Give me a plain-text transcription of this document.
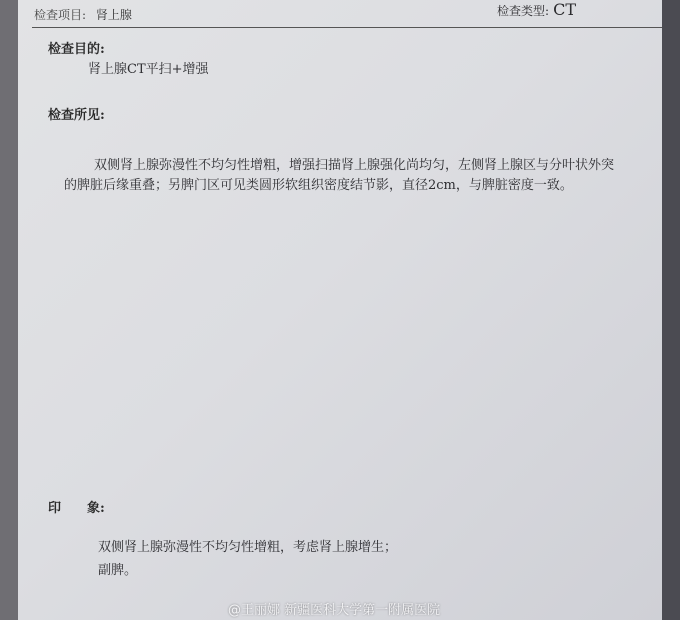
检查项目: 肾上腺	检查类型: CT
检查目的:
肾上腺CT平扫+增强
检查所见:
双侧肾上腺弥漫性不均匀性增粗，增强扫描肾上腺强化尚均匀，左侧肾上腺区与分叶状外突
的脾脏后缘重叠；另脾门区可见类圆形软组织密度结节影，直径2cm，与脾脏密度一致。
印　　象:
双侧肾上腺弥漫性不均匀性增粗，考虑肾上腺增生；
副脾。
@王丽娜 新疆医科大学第一附属医院
